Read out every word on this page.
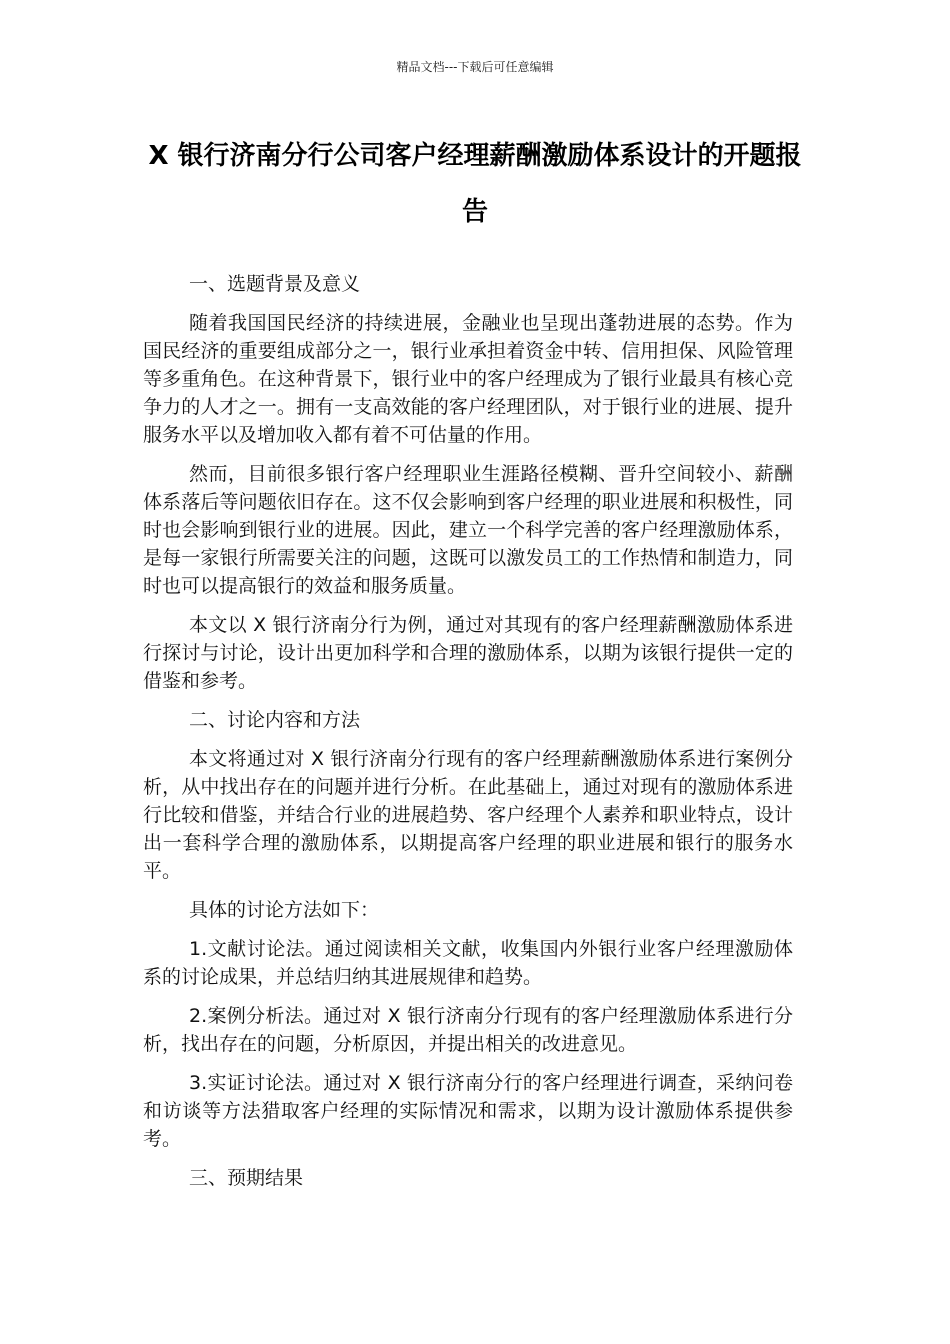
精品文档---下载后可任意编辑
X 银行济南分行公司客户经理薪酬激励体系设计的开题报告
一、选题背景及意义

随着我国国民经济的持续进展，金融业也呈现出蓬勃进展的态势。作为国民经济的重要组成部分之一，银行业承担着资金中转、信用担保、风险管理等多重角色。在这种背景下，银行业中的客户经理成为了银行业最具有核心竞争力的人才之一。拥有一支高效能的客户经理团队，对于银行业的进展、提升服务水平以及增加收入都有着不可估量的作用。

然而，目前很多银行客户经理职业生涯路径模糊、晋升空间较小、薪酬体系落后等问题依旧存在。这不仅会影响到客户经理的职业进展和积极性，同时也会影响到银行业的进展。因此，建立一个科学完善的客户经理激励体系，是每一家银行所需要关注的问题，这既可以激发员工的工作热情和制造力，同时也可以提高银行的效益和服务质量。

本文以 X 银行济南分行为例，通过对其现有的客户经理薪酬激励体系进行探讨与讨论，设计出更加科学和合理的激励体系，以期为该银行提供一定的借鉴和参考。

二、讨论内容和方法

本文将通过对 X 银行济南分行现有的客户经理薪酬激励体系进行案例分析，从中找出存在的问题并进行分析。在此基础上，通过对现有的激励体系进行比较和借鉴，并结合行业的进展趋势、客户经理个人素养和职业特点，设计出一套科学合理的激励体系，以期提高客户经理的职业进展和银行的服务水平。

具体的讨论方法如下：

1.文献讨论法。通过阅读相关文献，收集国内外银行业客户经理激励体系的讨论成果，并总结归纳其进展规律和趋势。

2.案例分析法。通过对 X 银行济南分行现有的客户经理激励体系进行分析，找出存在的问题，分析原因，并提出相关的改进意见。

3.实证讨论法。通过对 X 银行济南分行的客户经理进行调查，采纳问卷和访谈等方法猎取客户经理的实际情况和需求，以期为设计激励体系提供参考。

三、预期结果
